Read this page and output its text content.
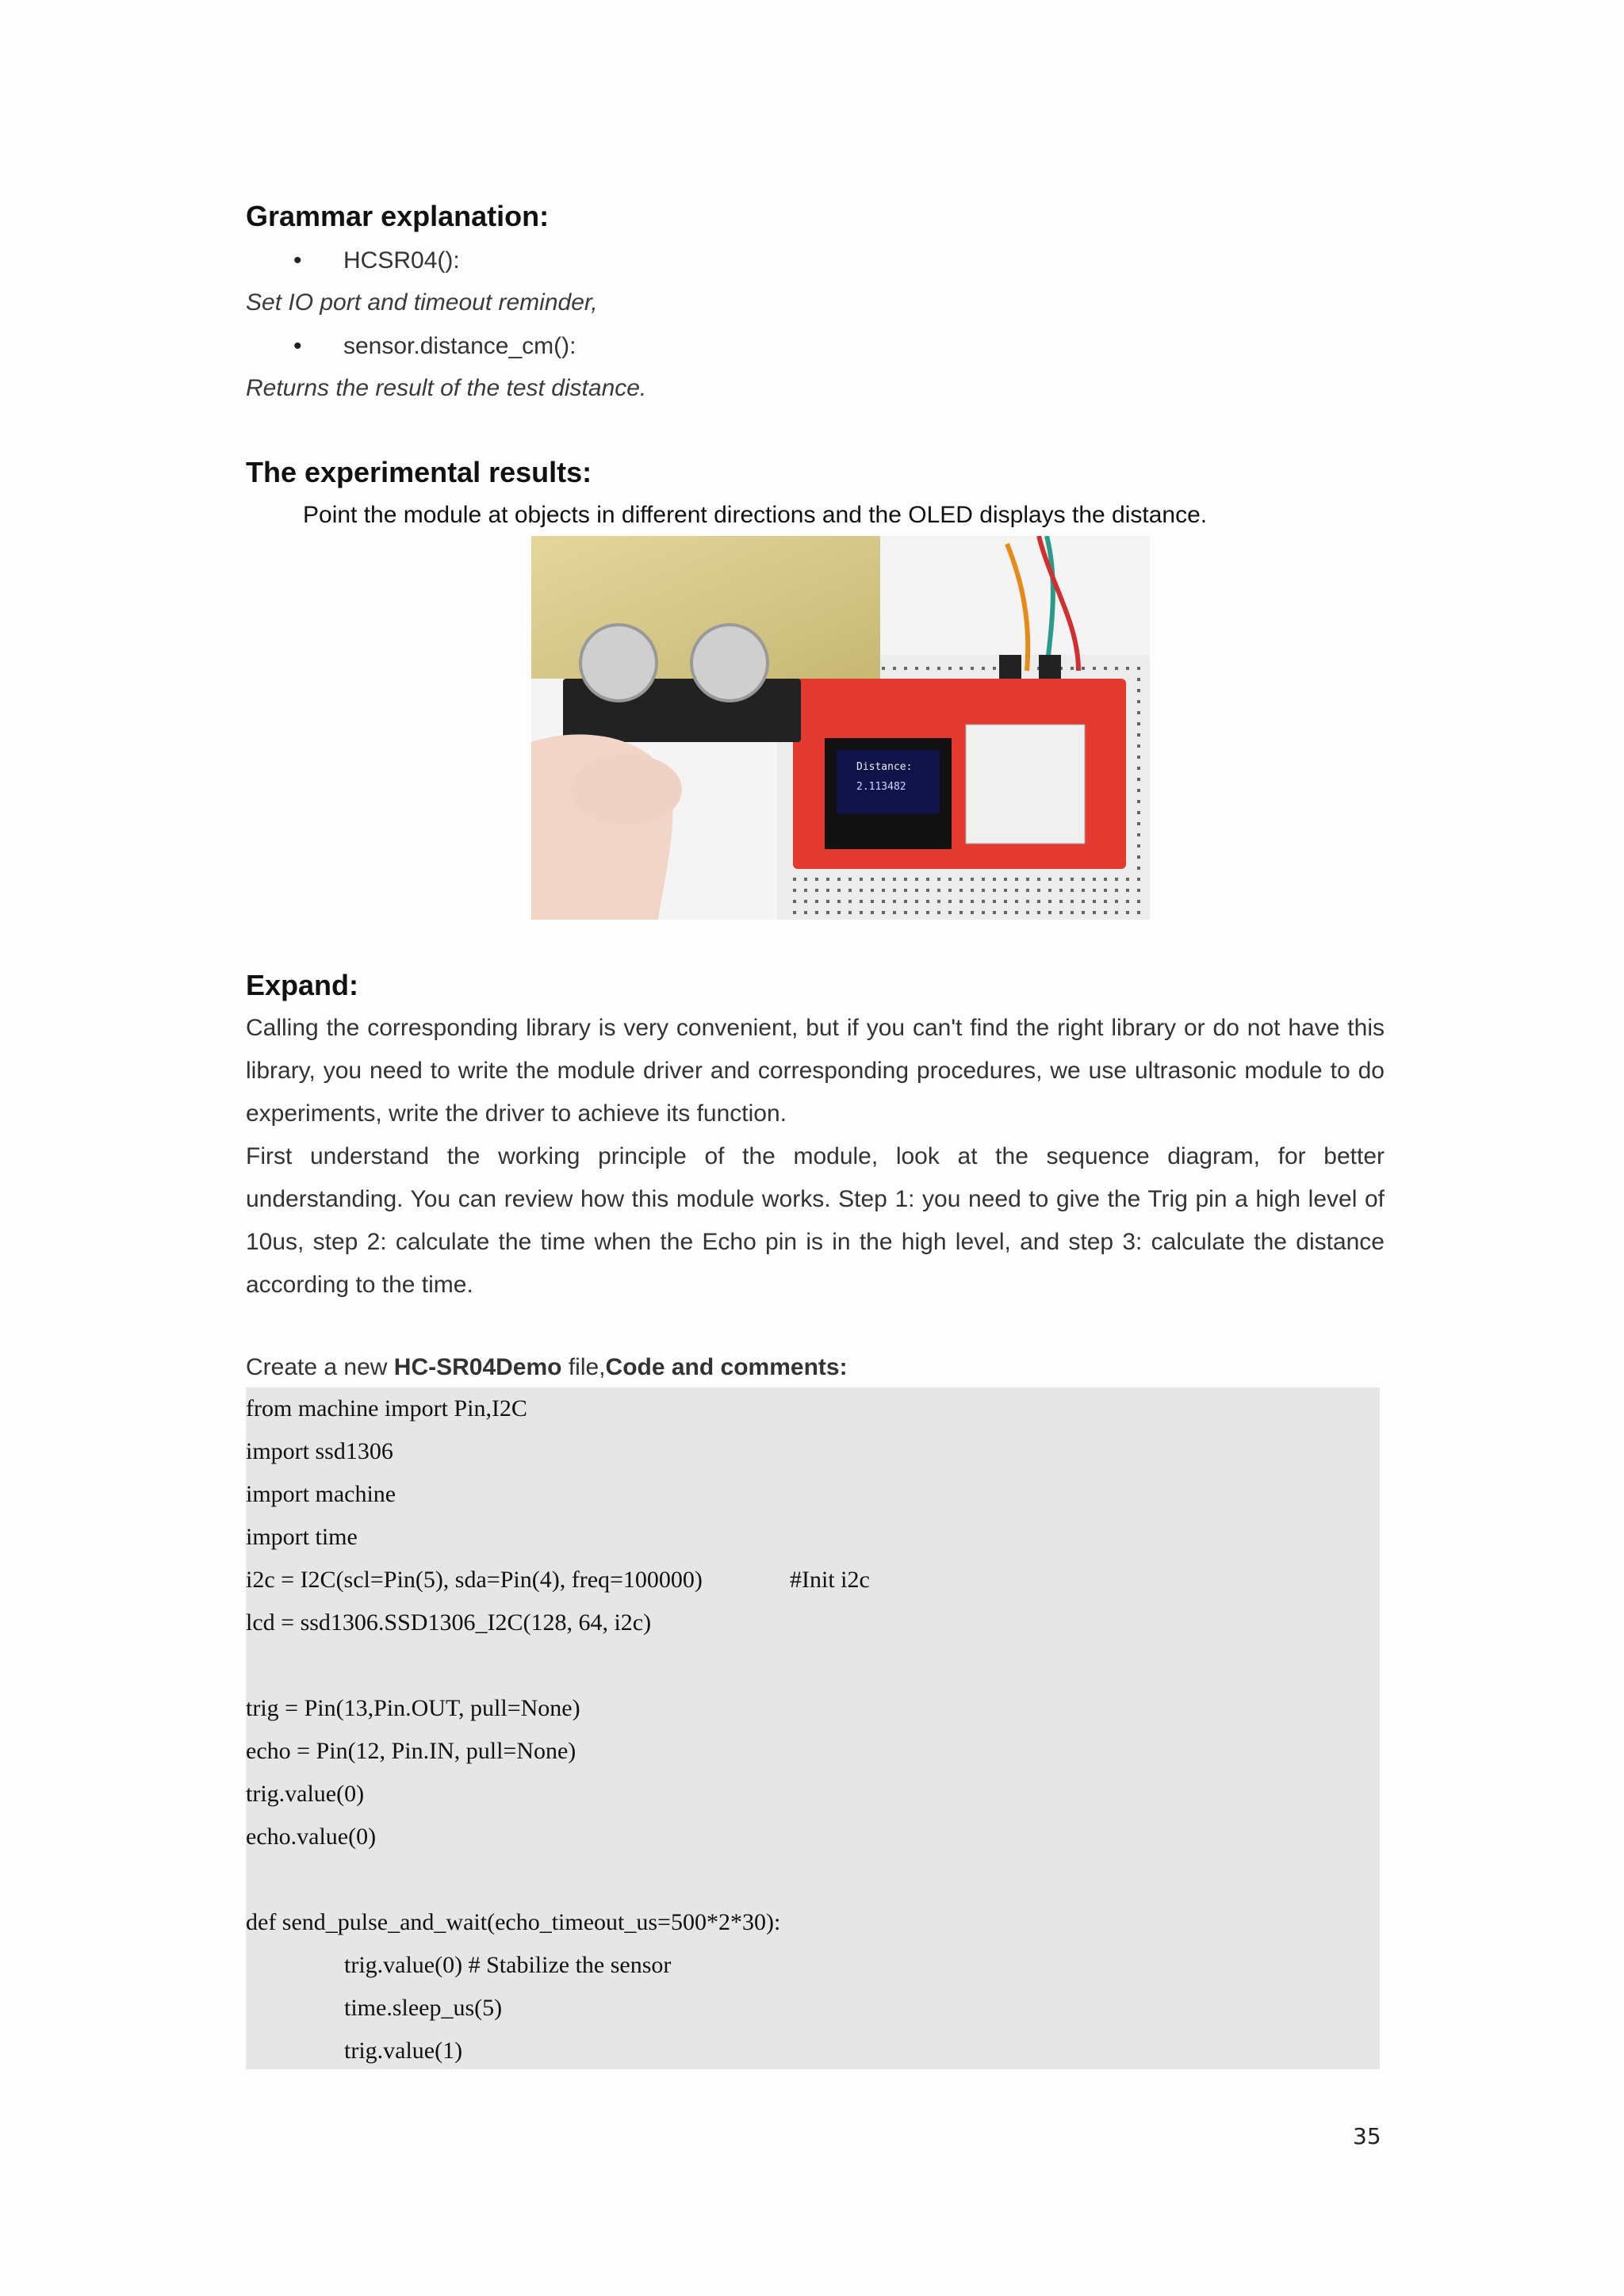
Grammar explanation:
• HCSR04():
Set IO port and timeout reminder,
• sensor.distance_cm():
Returns the result of the test distance.
The experimental results:
Point the module at objects in different directions and the OLED displays the distance.
Distance:
2.113482
Expand:
Calling the corresponding library is very convenient, but if you can't find the right library or do not have this library, you need to write the module driver and corresponding procedures, we use ultrasonic module to do experiments, write the driver to achieve its function.
First understand the working principle of the module, look at the sequence diagram, for better understanding. You can review how this module works. Step 1: you need to give the Trig pin a high level of 10us, step 2: calculate the time when the Echo pin is in the high level, and step 3: calculate the distance according to the time.
Create a new HC-SR04Demo file,Code and comments:
from machine import Pin,I2C
import ssd1306
import machine
import time
i2c = I2C(scl=Pin(5), sda=Pin(4), freq=100000)	#Init i2c
lcd = ssd1306.SSD1306_I2C(128, 64, i2c)
trig = Pin(13,Pin.OUT, pull=None)
echo = Pin(12, Pin.IN, pull=None)
trig.value(0)
echo.value(0)
def send_pulse_and_wait(echo_timeout_us=500*2*30):
trig.value(0) # Stabilize the sensor
time.sleep_us(5)
trig.value(1)
35
